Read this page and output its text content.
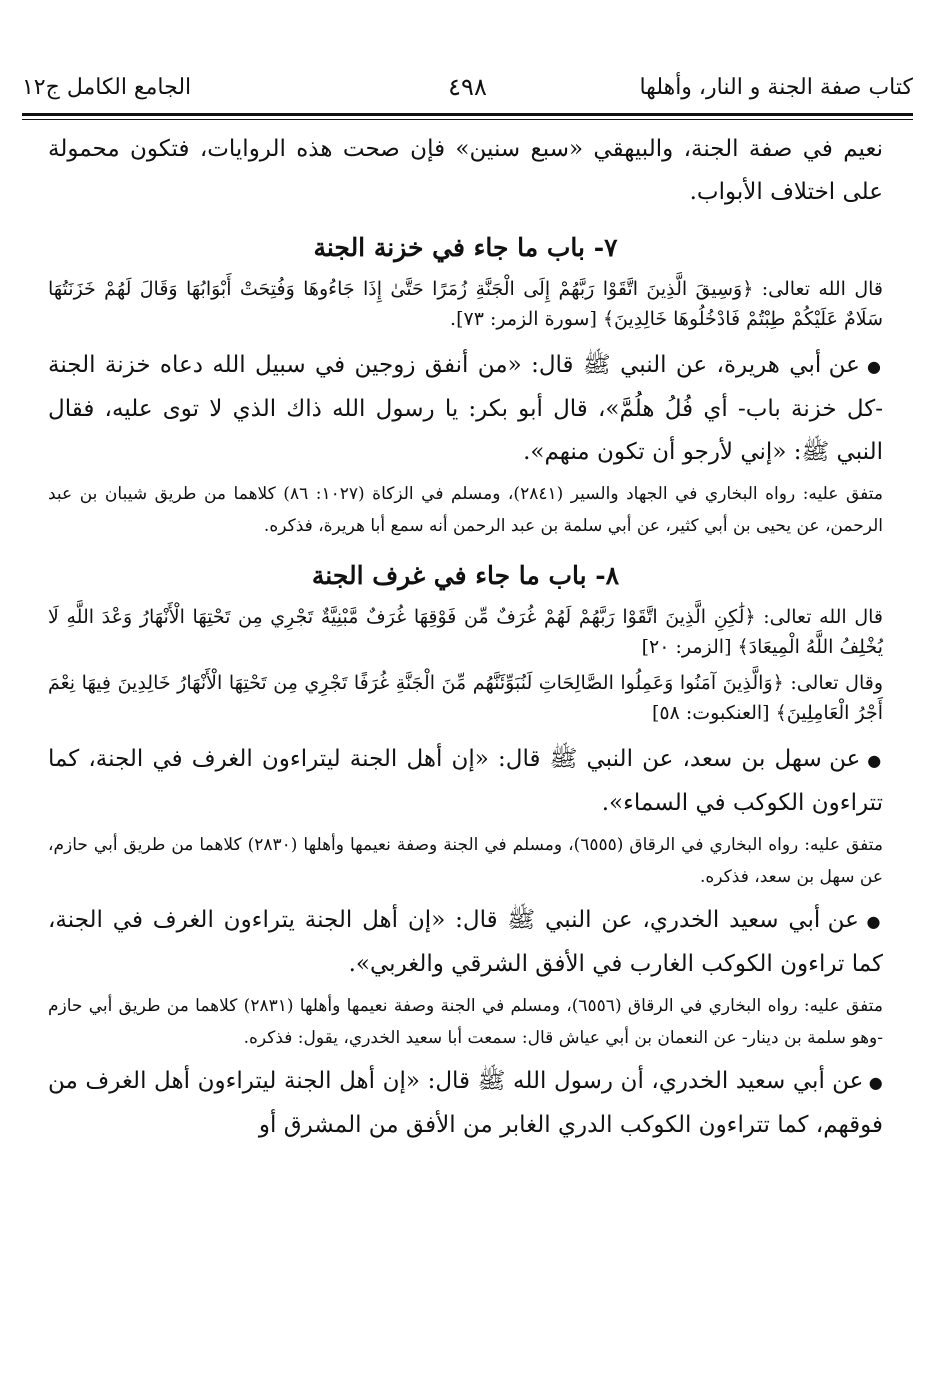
كتاب صفة الجنة و النار، وأهلها
٤٩٨
الجامع الكامل ج١٢

نعيم في صفة الجنة، والبيهقي «سبع سنين» فإن صحت هذه الروايات، فتكون محمولة على اختلاف الأبواب.

٧- باب ما جاء في خزنة الجنة

قال الله تعالى: ﴿وَسِيقَ الَّذِينَ اتَّقَوْا رَبَّهُمْ إِلَى الْجَنَّةِ زُمَرًا حَتَّىٰ إِذَا جَاءُوهَا وَفُتِحَتْ أَبْوَابُهَا وَقَالَ لَهُمْ خَزَنَتُهَا سَلَامٌ عَلَيْكُمْ طِبْتُمْ فَادْخُلُوهَا خَالِدِينَ﴾ [سورة الزمر: ٧٣].

● عن أبي هريرة، عن النبي ﷺ قال: «من أنفق زوجين في سبيل الله دعاه خزنة الجنة -كل خزنة باب- أي فُلُ هلُمَّ»، قال أبو بكر: يا رسول الله ذاك الذي لا توى عليه، فقال النبي ﷺ: «إني لأرجو أن تكون منهم».

متفق عليه: رواه البخاري في الجهاد والسير (٢٨٤١)، ومسلم في الزكاة (١٠٢٧: ٨٦) كلاهما من طريق شيبان بن عبد الرحمن، عن يحيى بن أبي كثير، عن أبي سلمة بن عبد الرحمن أنه سمع أبا هريرة، فذكره.

٨- باب ما جاء في غرف الجنة

قال الله تعالى: ﴿لَٰكِنِ الَّذِينَ اتَّقَوْا رَبَّهُمْ لَهُمْ غُرَفٌ مِّن فَوْقِهَا غُرَفٌ مَّبْنِيَّةٌ تَجْرِي مِن تَحْتِهَا الْأَنْهَارُ وَعْدَ اللَّهِ لَا يُخْلِفُ اللَّهُ الْمِيعَادَ﴾ [الزمر: ٢٠]

وقال تعالى: ﴿وَالَّذِينَ آمَنُوا وَعَمِلُوا الصَّالِحَاتِ لَنُبَوِّئَنَّهُم مِّنَ الْجَنَّةِ غُرَفًا تَجْرِي مِن تَحْتِهَا الْأَنْهَارُ خَالِدِينَ فِيهَا نِعْمَ أَجْرُ الْعَامِلِينَ﴾ [العنكبوت: ٥٨]

● عن سهل بن سعد، عن النبي ﷺ قال: «إن أهل الجنة ليتراءون الغرف في الجنة، كما تتراءون الكوكب في السماء».

متفق عليه: رواه البخاري في الرقاق (٦٥٥٥)، ومسلم في الجنة وصفة نعيمها وأهلها (٢٨٣٠) كلاهما من طريق أبي حازم، عن سهل بن سعد، فذكره.

● عن أبي سعيد الخدري، عن النبي ﷺ قال: «إن أهل الجنة يتراءون الغرف في الجنة، كما تراءون الكوكب الغارب في الأفق الشرقي والغربي».

متفق عليه: رواه البخاري في الرقاق (٦٥٥٦)، ومسلم في الجنة وصفة نعيمها وأهلها (٢٨٣١) كلاهما من طريق أبي حازم -وهو سلمة بن دينار- عن النعمان بن أبي عياش قال: سمعت أبا سعيد الخدري، يقول: فذكره.

● عن أبي سعيد الخدري، أن رسول الله ﷺ قال: «إن أهل الجنة ليتراءون أهل الغرف من فوقهم، كما تتراءون الكوكب الدري الغابر من الأفق من المشرق أو
